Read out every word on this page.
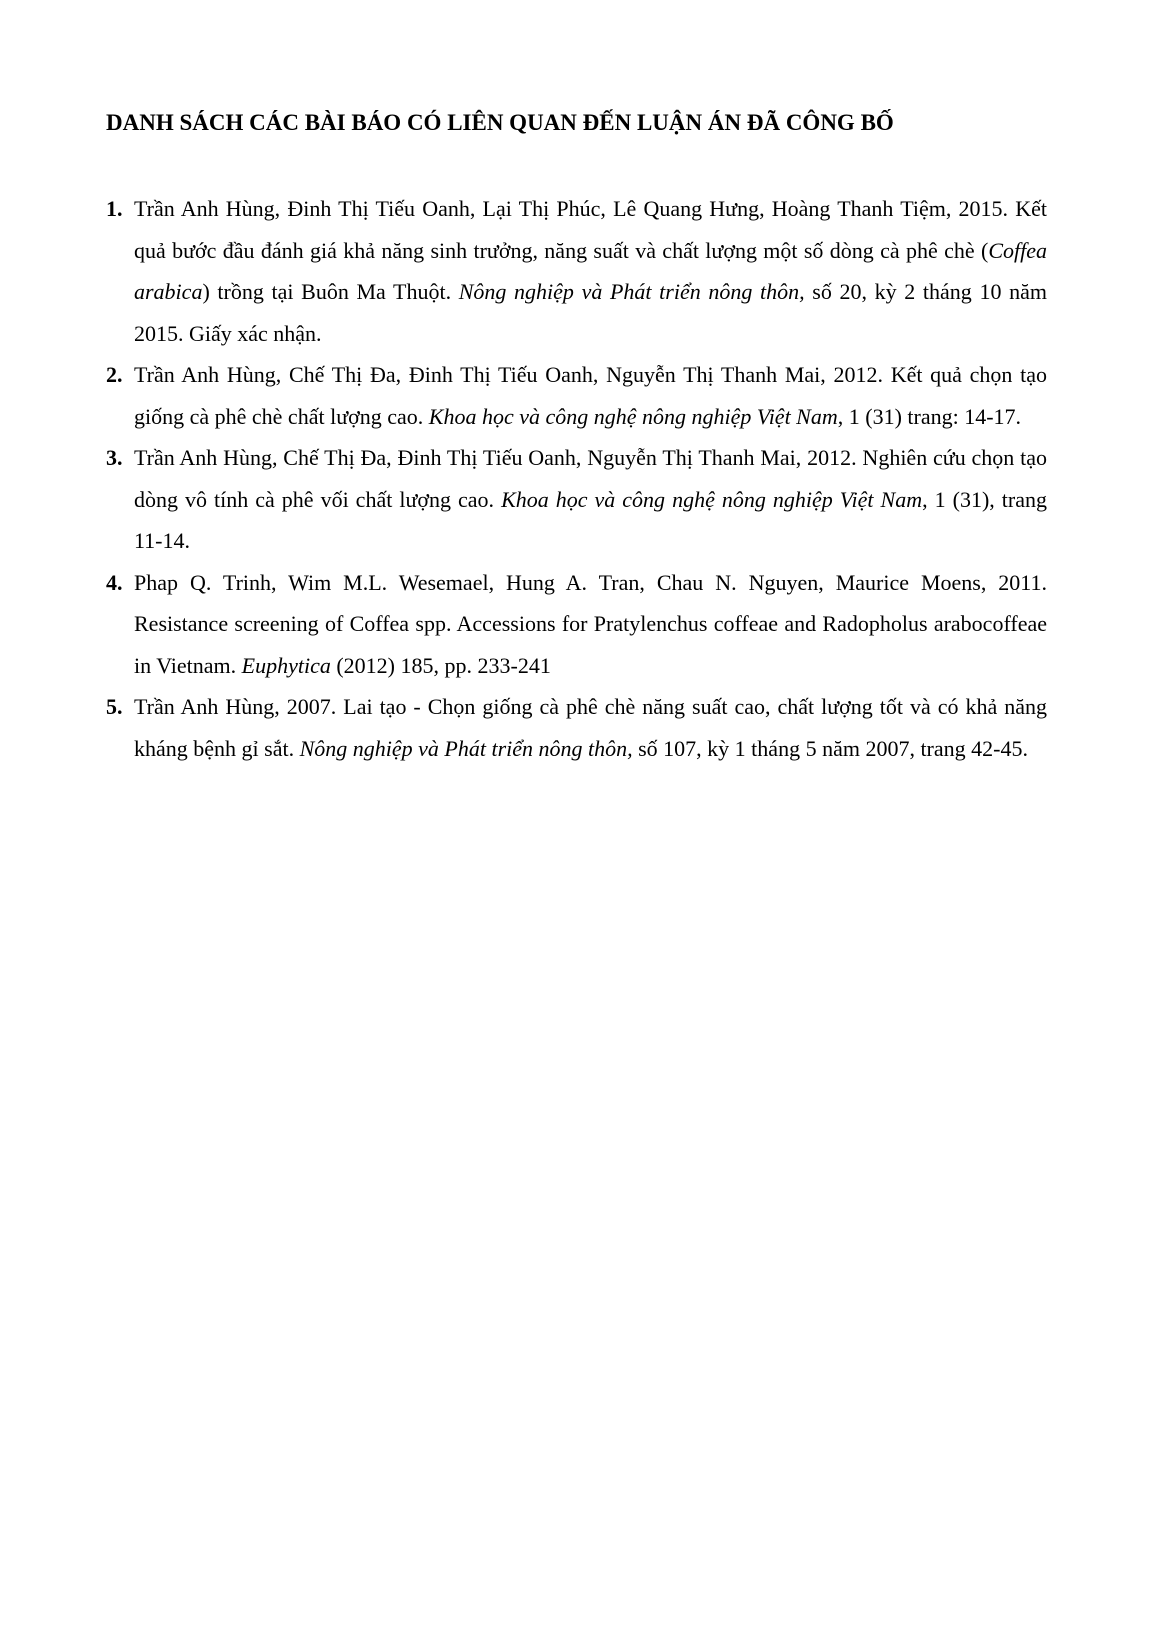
DANH SÁCH CÁC BÀI BÁO CÓ LIÊN QUAN ĐẾN LUẬN ÁN ĐÃ CÔNG BỐ
1. Trần Anh Hùng, Đinh Thị Tiếu Oanh, Lại Thị Phúc, Lê Quang Hưng, Hoàng Thanh Tiệm, 2015. Kết quả bước đầu đánh giá khả năng sinh trưởng, năng suất và chất lượng một số dòng cà phê chè (Coffea arabica) trồng tại Buôn Ma Thuột. Nông nghiệp và Phát triển nông thôn, số 20, kỳ 2 tháng 10 năm 2015. Giấy xác nhận.
2. Trần Anh Hùng, Chế Thị Đa, Đinh Thị Tiếu Oanh, Nguyễn Thị Thanh Mai, 2012. Kết quả chọn tạo giống cà phê chè chất lượng cao. Khoa học và công nghệ nông nghiệp Việt Nam, 1 (31) trang: 14-17.
3. Trần Anh Hùng, Chế Thị Đa, Đinh Thị Tiếu Oanh, Nguyễn Thị Thanh Mai, 2012. Nghiên cứu chọn tạo dòng vô tính cà phê vối chất lượng cao. Khoa học và công nghệ nông nghiệp Việt Nam, 1 (31), trang 11-14.
4. Phap Q. Trinh, Wim M.L. Wesemael, Hung A. Tran, Chau N. Nguyen, Maurice Moens, 2011. Resistance screening of Coffea spp. Accessions for Pratylenchus coffeae and Radopholus arabocoffeae in Vietnam. Euphytica (2012) 185, pp. 233-241
5. Trần Anh Hùng, 2007. Lai tạo - Chọn giống cà phê chè năng suất cao, chất lượng tốt và có khả năng kháng bệnh gỉ sắt. Nông nghiệp và Phát triển nông thôn, số 107, kỳ 1 tháng 5 năm 2007, trang 42-45.
